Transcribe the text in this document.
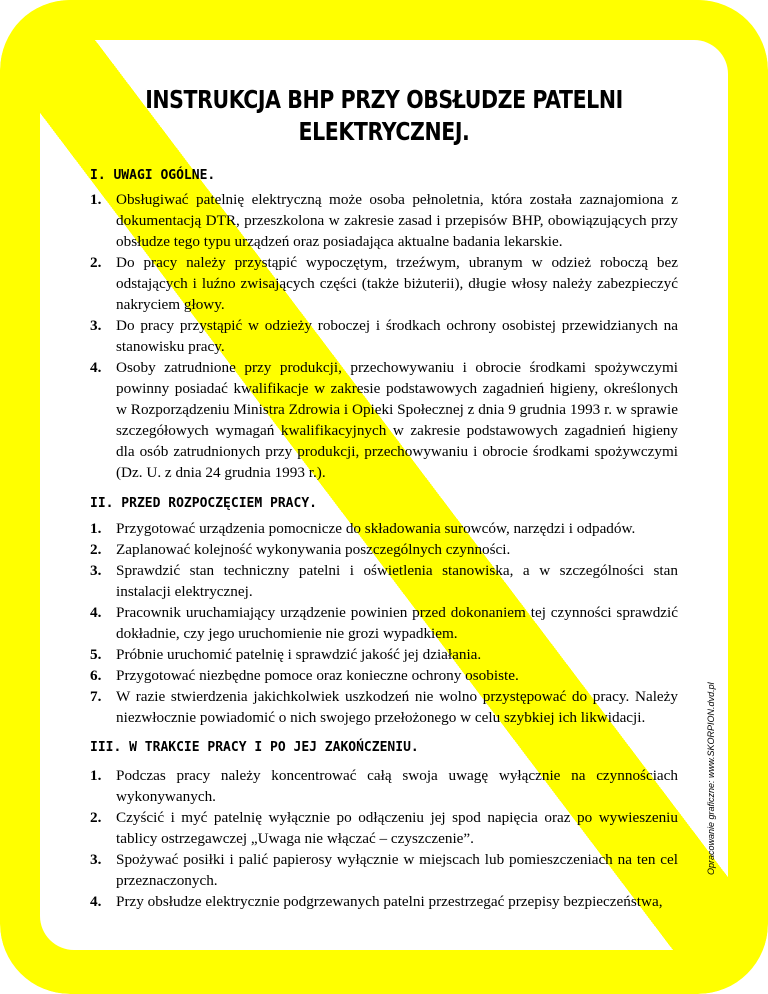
INSTRUKCJA BHP PRZY OBSŁUDZE PATELNI
ELEKTRYCZNEJ.
I. UWAGI OGÓLNE.
1. Obsługiwać patelnię elektryczną może osoba pełnoletnia, która została zaznajomiona z dokumentacją DTR, przeszkolona w zakresie zasad i przepisów BHP, obowiązujących przy obsłudze tego typu urządzeń oraz posiadająca aktualne badania lekarskie.
2. Do pracy należy przystąpić wypoczętym, trzeźwym, ubranym w odzież roboczą bez odstających i luźno zwisających części (także biżuterii), długie włosy należy zabezpieczyć nakryciem głowy.
3. Do pracy przystąpić w odzieży roboczej i środkach ochrony osobistej przewidzianych na stanowisku pracy.
4. Osoby zatrudnione przy produkcji, przechowywaniu i obrocie środkami spożywczymi powinny posiadać kwalifikacje w zakresie podstawowych zagadnień higieny, określonych w Rozporządzeniu Ministra Zdrowia i Opieki Społecznej z dnia 9 grudnia 1993 r. w sprawie szczegółowych wymagań kwalifikacyjnych w zakresie podstawowych zagadnień higieny dla osób zatrudnionych przy produkcji, przechowywaniu i obrocie środkami spożywczymi (Dz. U. z dnia 24 grudnia 1993 r.).
II. PRZED ROZPOCZĘCIEM PRACY.
1. Przygotować urządzenia pomocnicze do składowania surowców, narzędzi i odpadów.
2. Zaplanować kolejność wykonywania poszczególnych czynności.
3. Sprawdzić stan techniczny patelni i oświetlenia stanowiska, a w szczególności stan instalacji elektrycznej.
4. Pracownik uruchamiający urządzenie powinien przed dokonaniem tej czynności sprawdzić dokładnie, czy jego uruchomienie nie grozi wypadkiem.
5. Próbnie uruchomić patelnię i sprawdzić jakość jej działania.
6. Przygotować niezbędne pomoce oraz konieczne ochrony osobiste.
7. W razie stwierdzenia jakichkolwiek uszkodzeń nie wolno przystępować do pracy. Należy niezwłocznie powiadomić o nich swojego przełożonego w celu szybkiej ich likwidacji.
III. W TRAKCIE PRACY I PO JEJ ZAKOŃCZENIU.
1. Podczas pracy należy koncentrować całą swoja uwagę wyłącznie na czynnościach wykonywanych.
2. Czyścić i myć patelnię wyłącznie po odłączeniu jej spod napięcia oraz po wywieszeniu tablicy ostrzegawczej „Uwaga nie włączać – czyszczenie”.
3. Spożywać posiłki i palić papierosy wyłącznie w miejscach lub pomieszczeniach na ten cel przeznaczonych.
4. Przy obsłudze elektrycznie podgrzewanych patelni przestrzegać przepisy bezpieczeństwa,
Opracowanie graficzne: www.SKORPION.dvd.pl
